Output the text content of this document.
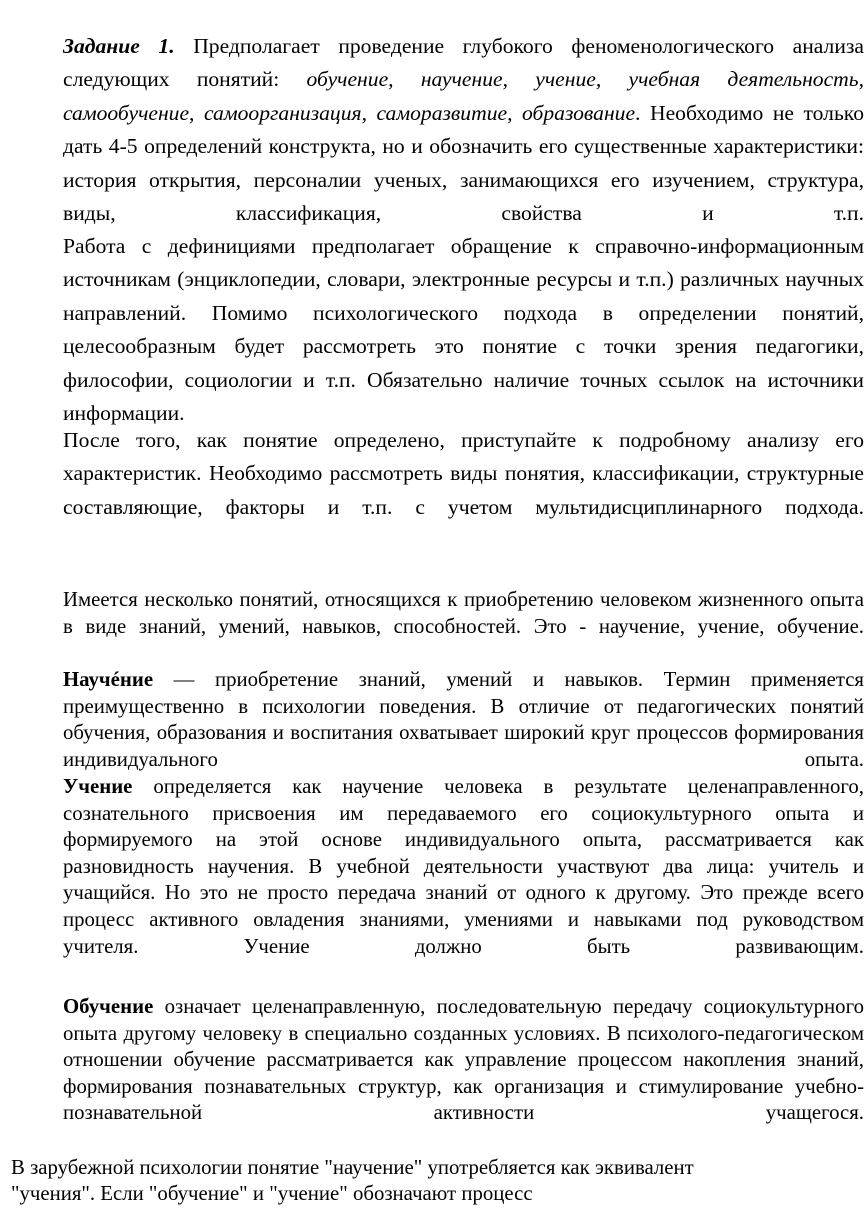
Задание 1. Предполагает проведение глубокого феноменологического анализа следующих понятий: обучение, научение, учение, учебная деятельность, самообучение, самоорганизация, саморазвитие, образование. Необходимо не только дать 4-5 определений конструкта, но и обозначить его существенные характеристики: история открытия, персоналии ученых, занимающихся его изучением, структура, виды, классификация, свойства и т.п.

Работа с дефинициями предполагает обращение к справочно-информационным источникам (энциклопедии, словари, электронные ресурсы и т.п.) различных научных направлений. Помимо психологического подхода в определении понятий, целесообразным будет рассмотреть это понятие с точки зрения педагогики, философии, социологии и т.п. Обязательно наличие точных ссылок на источники информации.

После того, как понятие определено, приступайте к подробному анализу его характеристик. Необходимо рассмотреть виды понятия, классификации, структурные составляющие, факторы и т.п. с учетом мультидисциплинарного подхода.

Имеется несколько понятий, относящихся к приобретению человеком жизненного опыта в виде знаний, умений, навыков, способностей. Это - научение, учение, обучение.

Научéние — приобретение знаний, умений и навыков. Термин применяется преимущественно в психологии поведения. В отличие от педагогических понятий обучения, образования и воспитания охватывает широкий круг процессов формирования индивидуального опыта.

Учение определяется как научение человека в результате целенаправленного, сознательного присвоения им передаваемого его социокультурного опыта и формируемого на этой основе индивидуального опыта, рассматривается как разновидность научения. В учебной деятельности участвуют два лица: учитель и учащийся. Но это не просто передача знаний от одного к другому. Это прежде всего процесс активного овладения знаниями, умениями и навыками под руководством учителя. Учение должно быть развивающим.

Обучение означает целенаправленную, последовательную передачу социокультурного опыта другому человеку в специально созданных условиях. В психолого-педагогическом отношении обучение рассматривается как управление процессом накопления знаний, формирования познавательных структур, как организация и стимулирование учебно-познавательной активности учащегося.

В зарубежной психологии понятие "научение" употребляется как эквивалент

"учения". Если "обучение" и "учение" обозначают процесс
